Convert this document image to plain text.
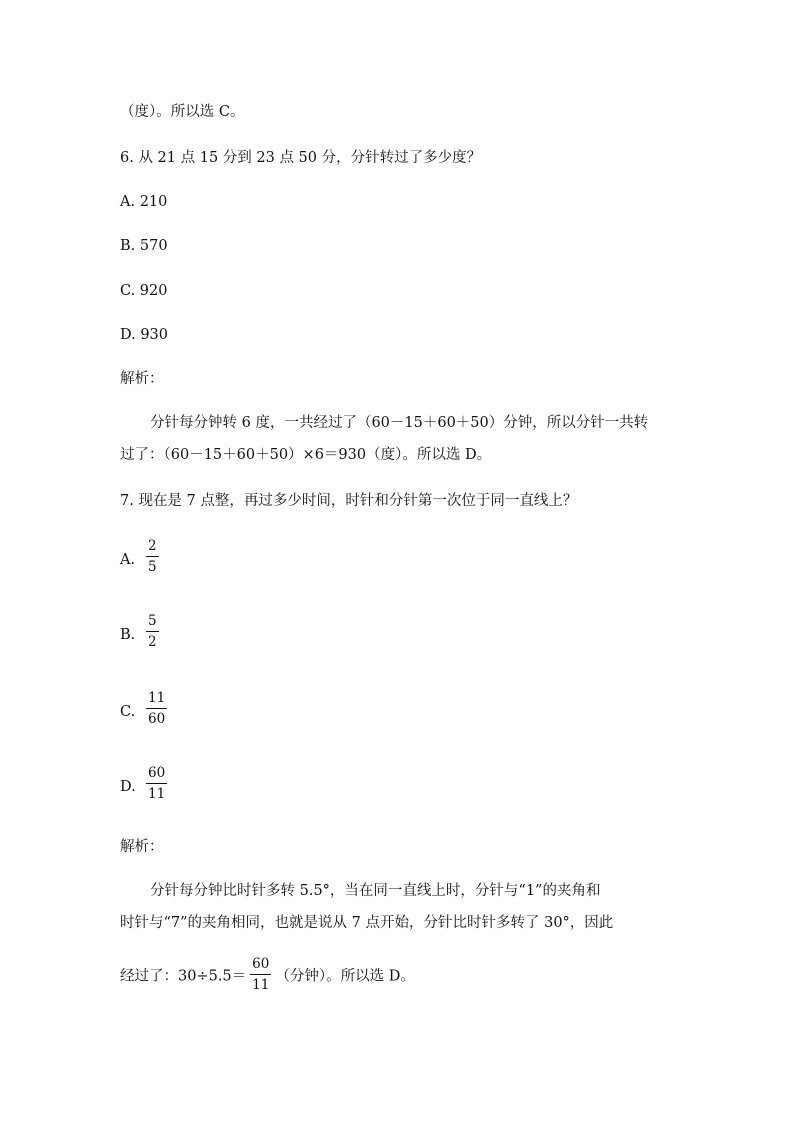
（度）。所以选 C。
6. 从 21 点 15 分到 23 点 50 分，分针转过了多少度？
A. 210
B. 570
C. 920
D. 930
解析：
分针每分钟转 6 度，一共经过了（60－15＋60＋50）分钟，所以分针一共转
过了：（60－15＋60＋50）×6＝930（度）。所以选 D。
7. 现在是 7 点整，再过多少时间，时针和分针第一次位于同一直线上？
A. $\frac{2}{5}$
B. $\frac{5}{2}$
C. $\frac{11}{60}$
D. $\frac{60}{11}$
解析：
分针每分钟比时针多转 5.5°，当在同一直线上时，分针与“1”的夹角和
时针与“7”的夹角相同，也就是说从 7 点开始，分针比时针多转了 30°，因此
经过了：$30\div 5.5= \frac{60}{11}$ （分钟）。所以选 D。
